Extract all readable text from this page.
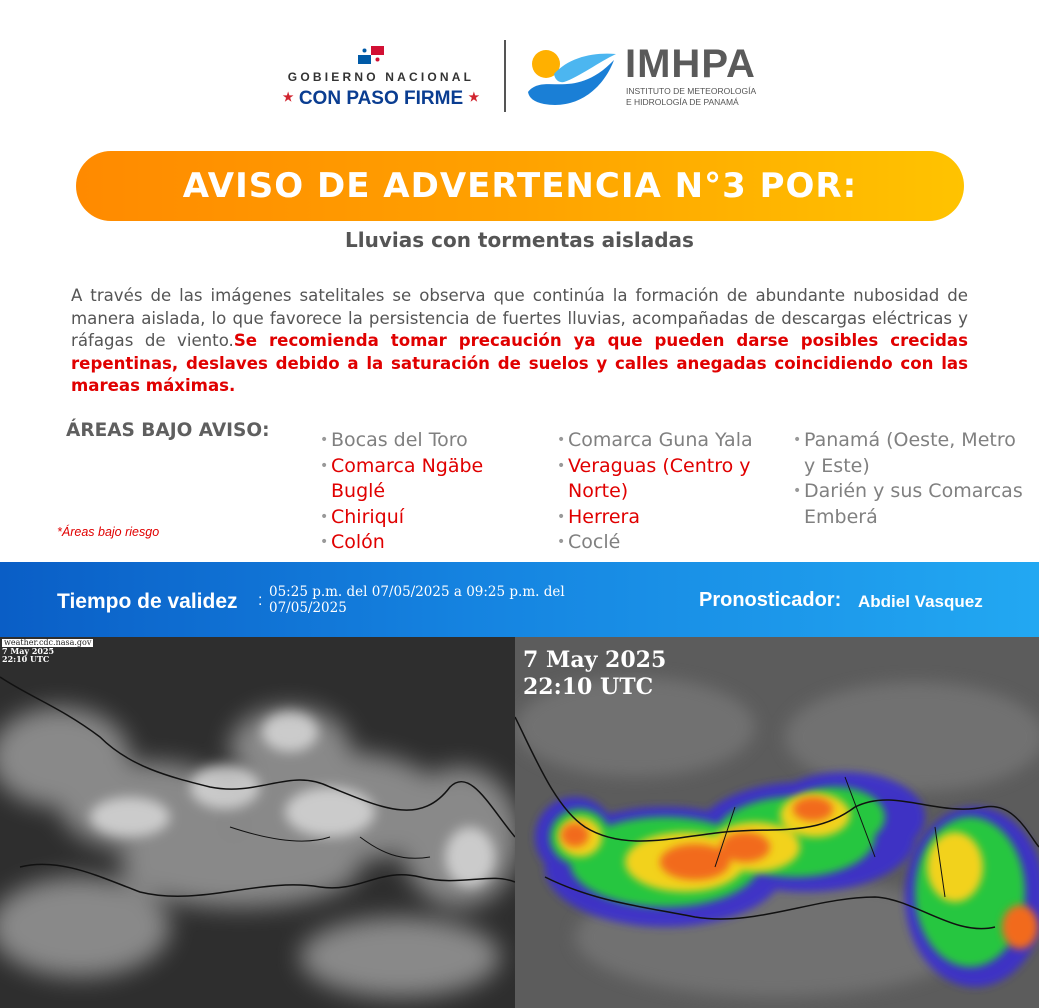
GOBIERNO NACIONAL
★ CON PASO FIRME ★
IMHPA
INSTITUTO DE METEOROLOGÍA
E HIDROLOGÍA DE PANAMÁ
AVISO DE ADVERTENCIA N°3 POR:
Lluvias con tormentas aisladas
A través de las imágenes satelitales se observa que continúa la formación de abundante nubosidad de manera aislada, lo que favorece la persistencia de fuertes lluvias, acompañadas de descargas eléctricas y ráfagas de viento.Se recomienda tomar precaución ya que pueden darse posibles crecidas repentinas, deslaves debido a la saturación de suelos y calles anegadas coincidiendo con las mareas máximas.
ÁREAS BAJO AVISO:
*Áreas bajo riesgo
• Bocas del Toro
• Comarca Ngäbe Buglé
• Chiriquí
• Colón
• Comarca Guna Yala
• Veraguas (Centro y Norte)
• Herrera
• Coclé
• Panamá (Oeste, Metro y Este)
• Darién y sus Comarcas Emberá
Tiempo de validez : 05:25 p.m. del 07/05/2025 a 09:25 p.m. del 07/05/2025	Pronosticador: Abdiel Vasquez
weather.cdc.nasa.gov
7 May 2025
22:10 UTC	7 May 2025
22:10 UTC
